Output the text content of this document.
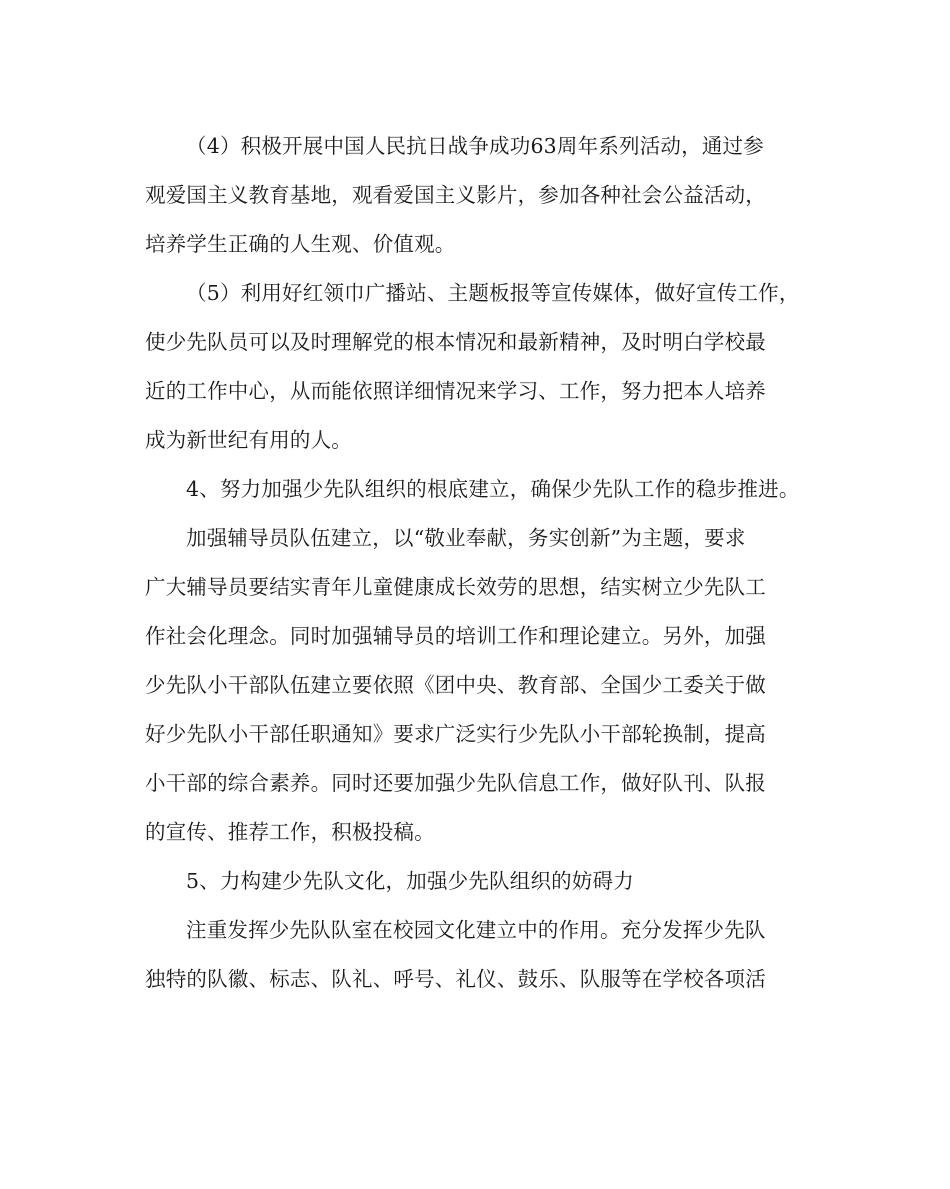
（4）积极开展中国人民抗日战争成功63周年系列活动，通过参
观爱国主义教育基地，观看爱国主义影片，参加各种社会公益活动，
培养学生正确的人生观、价值观。
（5）利用好红领巾广播站、主题板报等宣传媒体，做好宣传工作，
使少先队员可以及时理解党的根本情况和最新精神，及时明白学校最
近的工作中心，从而能依照详细情况来学习、工作，努力把本人培养
成为新世纪有用的人。
4、努力加强少先队组织的根底建立，确保少先队工作的稳步推进。
加强辅导员队伍建立，以“敬业奉献，务实创新”为主题，要求
广大辅导员要结实青年儿童健康成长效劳的思想，结实树立少先队工
作社会化理念。同时加强辅导员的培训工作和理论建立。另外，加强
少先队小干部队伍建立要依照《团中央、教育部、全国少工委关于做
好少先队小干部任职通知》要求广泛实行少先队小干部轮换制，提高
小干部的综合素养。同时还要加强少先队信息工作，做好队刊、队报
的宣传、推荐工作，积极投稿。
5、力构建少先队文化，加强少先队组织的妨碍力
注重发挥少先队队室在校园文化建立中的作用。充分发挥少先队
独特的队徽、标志、队礼、呼号、礼仪、鼓乐、队服等在学校各项活
